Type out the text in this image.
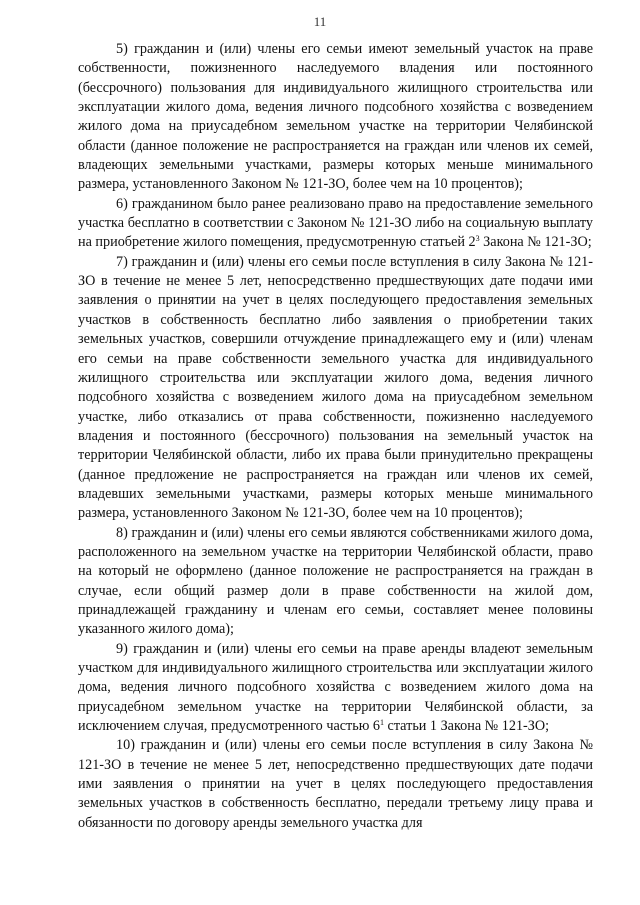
11

5) гражданин и (или) члены его семьи имеют земельный участок на праве собственности, пожизненного наследуемого владения или постоянного (бессрочного) пользования для индивидуального жилищного строительства или эксплуатации жилого дома, ведения личного подсобного хозяйства с возведением жилого дома на приусадебном земельном участке на территории Челябинской области (данное положение не распространяется на граждан или членов их семей, владеющих земельными участками, размеры которых меньше минимального размера, установленного Законом № 121-ЗО, более чем на 10 процентов);

6) гражданином было ранее реализовано право на предоставление земельного участка бесплатно в соответствии с Законом № 121-ЗО либо на социальную выплату на приобретение жилого помещения, предусмотренную статьей $2^3$ Закона № 121-ЗО;

7) гражданин и (или) члены его семьи после вступления в силу Закона № 121-ЗО в течение не менее 5 лет, непосредственно предшествующих дате подачи ими заявления о принятии на учет в целях последующего предоставления земельных участков в собственность бесплатно либо заявления о приобретении таких земельных участков, совершили отчуждение принадлежащего ему и (или) членам его семьи на праве собственности земельного участка для индивидуального жилищного строительства или эксплуатации жилого дома, ведения личного подсобного хозяйства с возведением жилого дома на приусадебном земельном участке, либо отказались от права собственности, пожизненно наследуемого владения и постоянного (бессрочного) пользования на земельный участок на территории Челябинской области, либо их права были принудительно прекращены (данное предложение не распространяется на граждан или членов их семей, владевших земельными участками, размеры которых меньше минимального размера, установленного Законом № 121-ЗО, более чем на 10 процентов);

8) гражданин и (или) члены его семьи являются собственниками жилого дома, расположенного на земельном участке на территории Челябинской области, право на который не оформлено (данное положение не распространяется на граждан в случае, если общий размер доли в праве собственности на жилой дом, принадлежащей гражданину и членам его семьи, составляет менее половины указанного жилого дома);

9) гражданин и (или) члены его семьи на праве аренды владеют земельным участком для индивидуального жилищного строительства или эксплуатации жилого дома, ведения личного подсобного хозяйства с возведением жилого дома на приусадебном земельном участке на территории Челябинской области, за исключением случая, предусмотренного частью $6^1$ статьи 1 Закона № 121-ЗО;

10) гражданин и (или) члены его семьи после вступления в силу Закона № 121-ЗО в течение не менее 5 лет, непосредственно предшествующих дате подачи ими заявления о принятии на учет в целях последующего предоставления земельных участков в собственность бесплатно, передали третьему лицу права и обязанности по договору аренды земельного участка для
